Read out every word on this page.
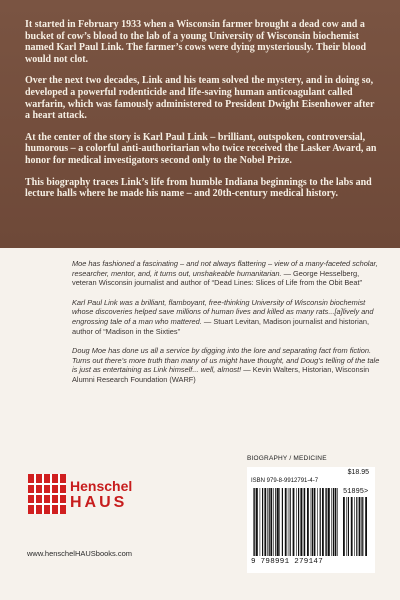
It started in February 1933 when a Wisconsin farmer brought a dead cow and a bucket of cow’s blood to the lab of a young University of Wisconsin biochemist named Karl Paul Link. The farmer’s cows were dying mysteriously. Their blood would not clot.

Over the next two decades, Link and his team solved the mystery, and in doing so, developed a powerful rodenticide and life-saving human anticoagulant called warfarin, which was famously administered to President Dwight Eisenhower after a heart attack.

At the center of the story is Karl Paul Link – brilliant, outspoken, controversial, humorous – a colorful anti-authoritarian who twice received the Lasker Award, an honor for medical investigators second only to the Nobel Prize.

This biography traces Link’s life from humble Indiana beginnings to the labs and lecture halls where he made his name – and 20th-century medical history.

Moe has fashioned a fascinating – and not always flattering – view of a many-faceted scholar, researcher, mentor, and, it turns out, unshakeable humanitarian. — George Hesselberg, veteran Wisconsin journalist and author of “Dead Lines: Slices of Life from the Obit Beat”
Karl Paul Link was a brilliant, flamboyant, free-thinking University of Wisconsin biochemist whose discoveries helped save millions of human lives and killed as many rats...[a]lively and engrossing tale of a man who mattered. — Stuart Levitan, Madison journalist and historian, author of “Madison in the Sixties”
Doug Moe has done us all a service by digging into the lore and separating fact from fiction. Turns out there’s more truth than many of us might have thought, and Doug’s telling of the tale is just as entertaining as Link himself... well, almost! — Kevin Walters, Historian, Wisconsin Alumni Research Foundation (WARF)
Henschel
HAUS
www.henschelHAUSbooks.com
BIOGRAPHY / MEDICINE
$18.95
ISBN 979-8-9912791-4-7
51895>
9 798991 279147
